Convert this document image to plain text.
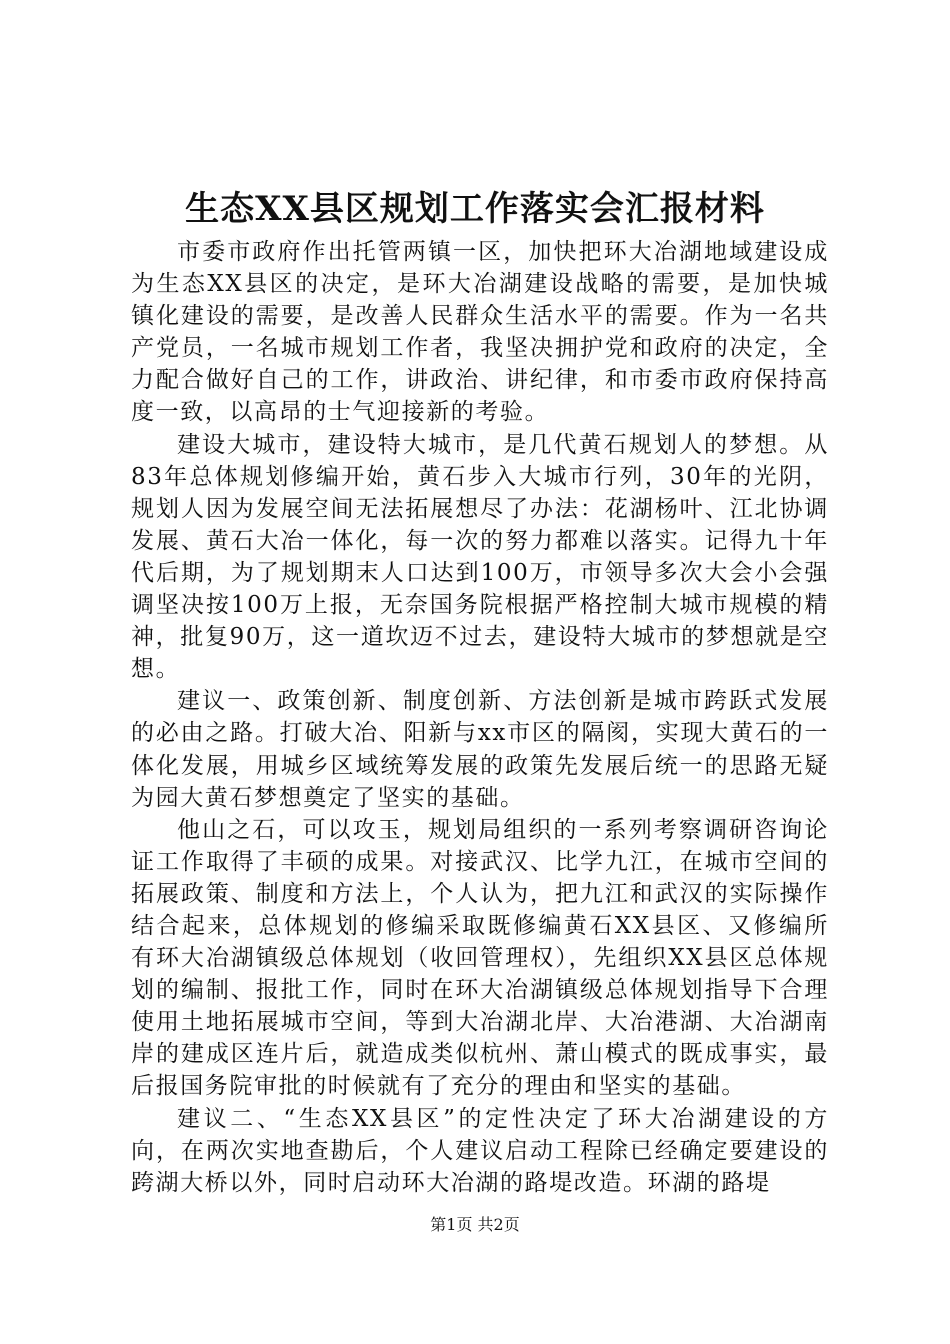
生态XX县区规划工作落实会汇报材料

市委市政府作出托管两镇一区，加快把环大冶湖地域建设成为生态XX县区的决定，是环大冶湖建设战略的需要，是加快城镇化建设的需要，是改善人民群众生活水平的需要。作为一名共产党员，一名城市规划工作者，我坚决拥护党和政府的决定，全力配合做好自己的工作，讲政治、讲纪律，和市委市政府保持高度一致，以高昂的士气迎接新的考验。

建设大城市，建设特大城市，是几代黄石规划人的梦想。从83年总体规划修编开始，黄石步入大城市行列，30年的光阴，规划人因为发展空间无法拓展想尽了办法：花湖杨叶、江北协调发展、黄石大冶一体化，每一次的努力都难以落实。记得九十年代后期，为了规划期末人口达到100万，市领导多次大会小会强调坚决按100万上报，无奈国务院根据严格控制大城市规模的精神，批复90万，这一道坎迈不过去，建设特大城市的梦想就是空想。

建议一、政策创新、制度创新、方法创新是城市跨跃式发展的必由之路。打破大冶、阳新与xx市区的隔阂，实现大黄石的一体化发展，用城乡区域统筹发展的政策先发展后统一的思路无疑为园大黄石梦想奠定了坚实的基础。

他山之石，可以攻玉，规划局组织的一系列考察调研咨询论证工作取得了丰硕的成果。对接武汉、比学九江，在城市空间的拓展政策、制度和方法上，个人认为，把九江和武汉的实际操作结合起来，总体规划的修编采取既修编黄石XX县区、又修编所有环大冶湖镇级总体规划（收回管理权），先组织XX县区总体规划的编制、报批工作，同时在环大冶湖镇级总体规划指导下合理使用土地拓展城市空间，等到大冶湖北岸、大冶港湖、大冶湖南岸的建成区连片后，就造成类似杭州、萧山模式的既成事实，最后报国务院审批的时候就有了充分的理由和坚实的基础。

建议二、“生态XX县区”的定性决定了环大冶湖建设的方向，在两次实地查勘后，个人建议启动工程除已经确定要建设的跨湖大桥以外，同时启动环大冶湖的路堤改造。环湖的路堤

第1页 共2页
